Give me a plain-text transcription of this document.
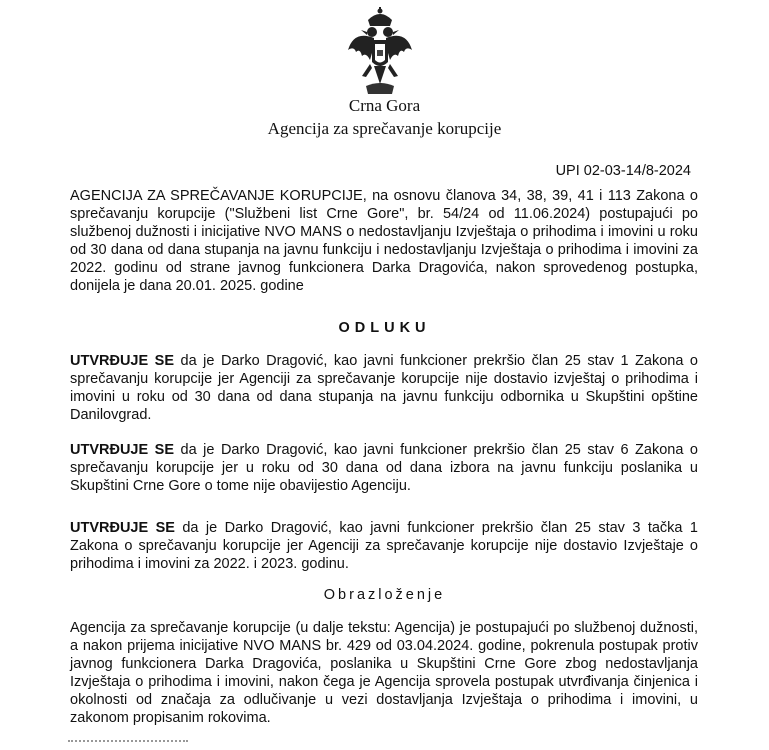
Crna Gora
Agencija za sprečavanje korupcije
UPI 02-03-14/8-2024
AGENCIJA ZA SPREČAVANJE KORUPCIJE, na osnovu članova 34, 38, 39, 41 i 113 Zakona o sprečavanju korupcije ("Službeni list Crne Gore", br. 54/24 od 11.06.2024) postupajući po službenoj dužnosti i inicijative NVO MANS o nedostavljanju Izvještaja o prihodima i imovini u roku od 30 dana od dana stupanja na javnu funkciju i nedostavljanju Izvještaja o prihodima i imovini za 2022. godinu od strane javnog funkcionera Darka Dragovića, nakon sprovedenog postupka, donijela je dana 20.01. 2025. godine
ODLUKU
UTVRĐUJE SE da je Darko Dragović, kao javni funkcioner prekršio član 25 stav 1 Zakona o sprečavanju korupcije jer Agenciji za sprečavanje korupcije nije dostavio izvještaj o prihodima i imovini u roku od 30 dana od dana stupanja na javnu funkciju odbornika u Skupštini opštine Danilovgrad.
UTVRĐUJE SE da je Darko Dragović, kao javni funkcioner prekršio član 25 stav 6 Zakona o sprečavanju korupcije jer u roku od 30 dana od dana izbora na javnu funkciju poslanika u Skupštini Crne Gore o tome nije obavijestio Agenciju.
UTVRĐUJE SE da je Darko Dragović, kao javni funkcioner prekršio član 25 stav 3 tačka 1 Zakona o sprečavanju korupcije jer Agenciji za sprečavanje korupcije nije dostavio Izvještaje o prihodima i imovini za 2022. i 2023. godinu.
Obrazloženje
Agencija za sprečavanje korupcije (u dalje tekstu: Agencija) je postupajući po službenoj dužnosti, a nakon prijema inicijative NVO MANS br. 429 od 03.04.2024. godine, pokrenula postupak protiv javnog funkcionera Darka Dragovića, poslanika u Skupštini Crne Gore zbog nedostavljanja Izvještaja o prihodima i imovini, nakon čega je Agencija sprovela postupak utvrđivanja činjenica i okolnosti od značaja za odlučivanje u vezi dostavljanja Izvještaja o prihodima i imovini, u zakonom propisanim rokovima.
